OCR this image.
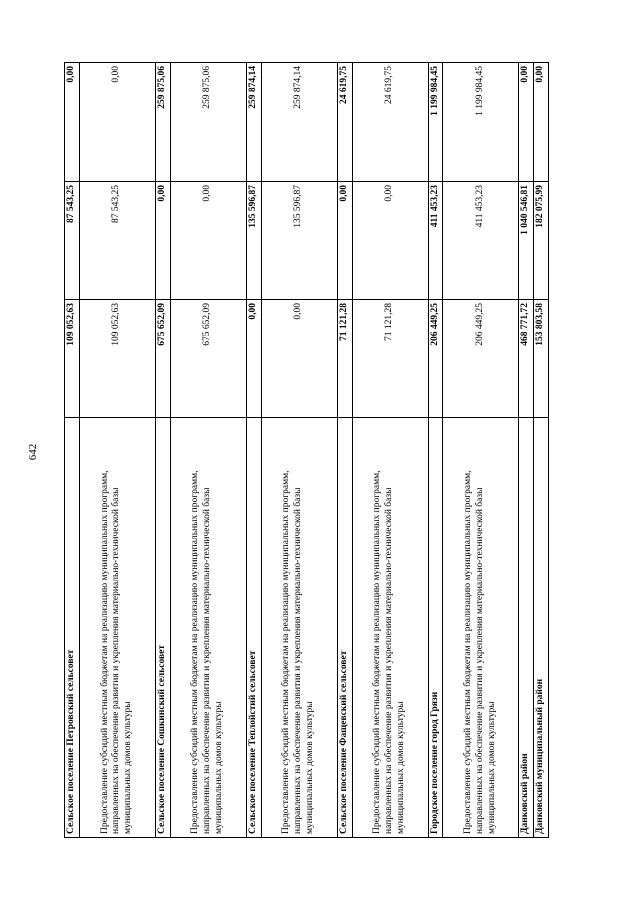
642
Сельское поселение Петровский сельсовет	109 052,63	87 543,25	0,00
Предоставление субсидий местным бюджетам на реализацию муниципальных программ, направленных на обеспечение развития и укрепления материально-технической базы муниципальных домов культуры	109 052,63	87 543,25	0,00
Сельское поселение Сошкинский сельсовет	675 652,09	0,00	259 875,06
Предоставление субсидий местным бюджетам на реализацию муниципальных программ, направленных на обеспечение развития и укрепления материально-технической базы муниципальных домов культуры	675 652,09	0,00	259 875,06
Сельское поселение Теплойстий сельсовет	0,00	135 596,87	259 874,14
Предоставление субсидий местным бюджетам на реализацию муниципальных программ, направленных на обеспечение развития и укрепления материально-технической базы муниципальных домов культуры	0,00	135 596,87	259 874,14
Сельское поселение Фащевский сельсовет	71 121,28	0,00	24 619,75
Предоставление субсидий местным бюджетам на реализацию муниципальных программ, направленных на обеспечение развития и укрепления материально-технической базы муниципальных домов культуры	71 121,28	0,00	24 619,75
Городское поселение город Грязи	206 449,25	411 453,23	1 199 984,45
Предоставление субсидий местным бюджетам на реализацию муниципальных программ, направленных на обеспечение развития и укрепления материально-технической базы муниципальных домов культуры	206 449,25	411 453,23	1 199 984,45
Данковский район	468 771,72	1 040 546,81	0,00
Данковский муниципальный район	153 803,58	182 075,99	0,00
